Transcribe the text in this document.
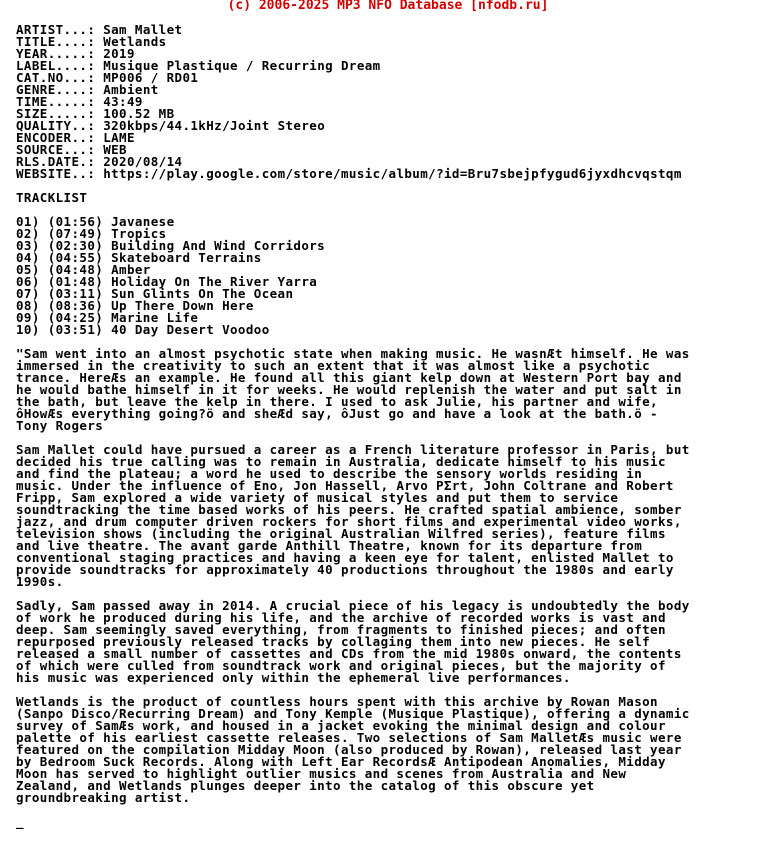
(c) 2006-2025 MP3 NFO Database [nfodb.ru]
ARTIST...: Sam Mallet
TITLE....: Wetlands
YEAR.....: 2019
LABEL....: Musique Plastique / Recurring Dream
CAT.NO...: MP006 / RD01
GENRE....: Ambient
TIME.....: 43:49
SIZE.....: 100.52 MB
QUALITY..: 320kbps/44.1kHz/Joint Stereo
ENCODER..: LAME
SOURCE...: WEB
RLS.DATE.: 2020/08/14
WEBSITE..: https://play.google.com/store/music/album/?id=Bru7sbejpfygud6jyxdhcvqstqm
TRACKLIST
01) (01:56) Javanese
02) (07:49) Tropics
03) (02:30) Building And Wind Corridors
04) (04:55) Skateboard Terrains
05) (04:48) Amber
06) (01:48) Holiday On The River Yarra
07) (03:11) Sun Glints On The Ocean
08) (08:36) Up There Down Here
09) (04:25) Marine Life
10) (03:51) 40 Day Desert Voodoo
"Sam went into an almost psychotic state when making music. He wasnÆt himself. He was
immersed in the creativity to such an extent that it was almost like a psychotic
trance. HereÆs an example. He found all this giant kelp down at Western Port bay and
he would bathe himself in it for weeks. He would replenish the water and put salt in
the bath, but leave the kelp in there. I used to ask Julie, his partner and wife,
ôHowÆs everything going?ö and sheÆd say, ôJust go and have a look at the bath.ö -
Tony Rogers
Sam Mallet could have pursued a career as a French literature professor in Paris, but
decided his true calling was to remain in Australia, dedicate himself to his music
and find the plateau; a word he used to describe the sensory worlds residing in
music. Under the influence of Eno, Jon Hassell, Arvo PΣrt, John Coltrane and Robert
Fripp, Sam explored a wide variety of musical styles and put them to service
soundtracking the time based works of his peers. He crafted spatial ambience, somber
jazz, and drum computer driven rockers for short films and experimental video works,
television shows (including the original Australian Wilfred series), feature films
and live theatre. The avant garde Anthill Theatre, known for its departure from
conventional staging practices and having a keen eye for talent, enlisted Mallet to
provide soundtracks for approximately 40 productions throughout the 1980s and early
1990s.
Sadly, Sam passed away in 2014. A crucial piece of his legacy is undoubtedly the body
of work he produced during his life, and the archive of recorded works is vast and
deep. Sam seemingly saved everything, from fragments to finished pieces; and often
repurposed previously released tracks by collaging them into new pieces. He self
released a small number of cassettes and CDs from the mid 1980s onward, the contents
of which were culled from soundtrack work and original pieces, but the majority of
his music was experienced only within the ephemeral live performances.
Wetlands is the product of countless hours spent with this archive by Rowan Mason
(Sanpo Disco/Recurring Dream) and Tony Kemple (Musique Plastique), offering a dynamic
survey of SamÆs work, and housed in a jacket evoking the minimal design and colour
palette of his earliest cassette releases. Two selections of Sam MalletÆs music were
featured on the compilation Midday Moon (also produced by Rowan), released last year
by Bedroom Suck Records. Along with Left Ear RecordsÆ Antipodean Anomalies, Midday
Moon has served to highlight outlier musics and scenes from Australia and New
Zealand, and Wetlands plunges deeper into the catalog of this obscure yet
groundbreaking artist.
_
